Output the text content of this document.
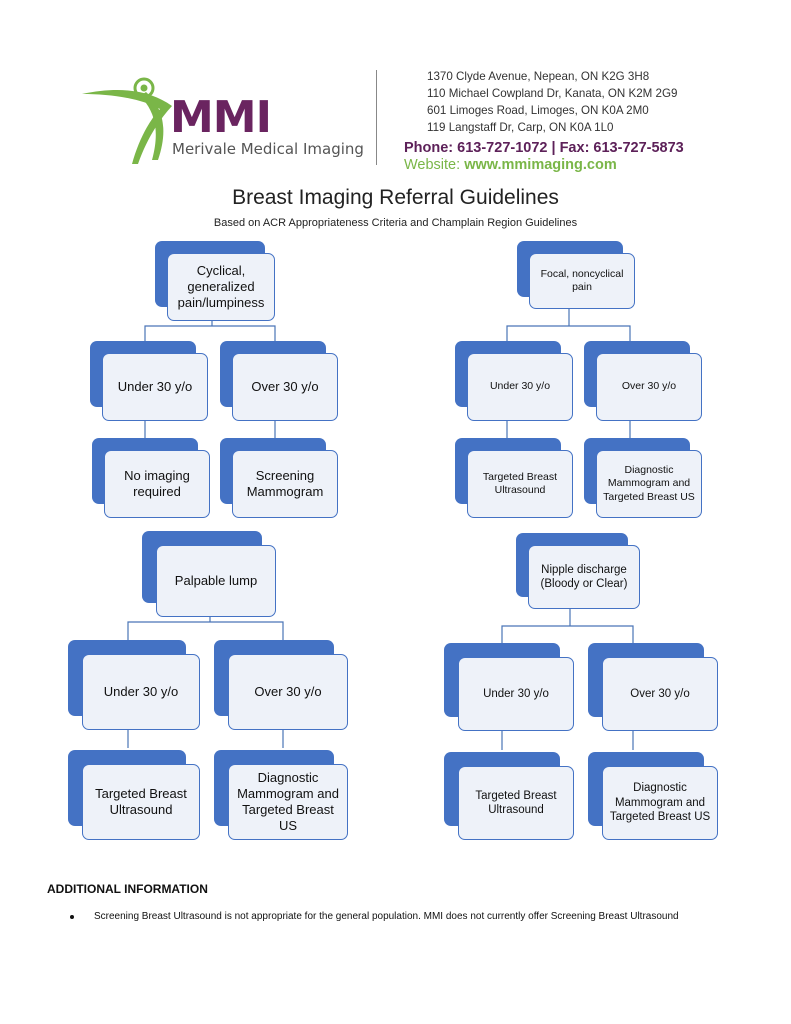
MMI
Merivale Medical Imaging
1370 Clyde Avenue, Nepean, ON K2G 3H8
110 Michael Cowpland Dr, Kanata, ON K2M 2G9
601 Limoges Road, Limoges, ON K0A 2M0
119 Langstaff Dr, Carp, ON K0A 1L0
Phone: 613-727-1072 | Fax: 613-727-5873
Website: www.mmimaging.com
Breast Imaging Referral Guidelines
Based on ACR Appropriateness Criteria and Champlain Region Guidelines
Cyclical, generalized pain/lumpiness
Under 30 y/o	Over 30 y/o
No imaging required
Screening Mammogram
Focal, noncyclical pain
Under 30 y/o	Over 30 y/o
Targeted Breast Ultrasound
Diagnostic Mammogram and Targeted Breast US
Palpable lump
Under 30 y/o	Over 30 y/o
Targeted Breast Ultrasound
Diagnostic Mammogram and Targeted Breast US
Nipple discharge (Bloody or Clear)
Under 30 y/o	Over 30 y/o
Targeted Breast Ultrasound
Diagnostic Mammogram and Targeted Breast US
ADDITIONAL INFORMATION
Screening Breast Ultrasound is not appropriate for the general population. MMI does not currently offer Screening Breast Ultrasound
